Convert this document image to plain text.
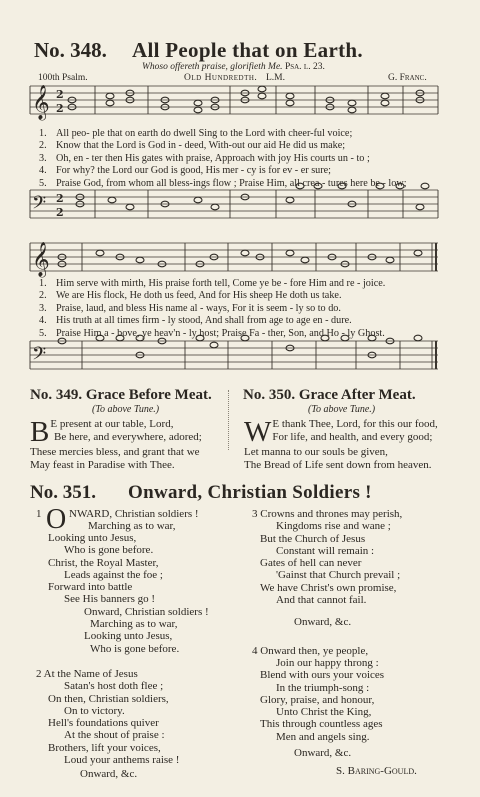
No. 348. All People that on Earth.
Whoso offereth praise, glorifieth Me. Psa. l. 23.
100th Psalm.	Old Hundredth. L.M.	G. Franc.
𝄞
𝄢
𝄞
𝄢
2
2
2
2
1. All peo- ple that on earth do dwell Sing to the Lord with cheer-ful voice;
2. Know that the Lord is God in - deed, With-out our aid He did us make;
3. Oh, en - ter then His gates with praise, Approach with joy His courts un - to ;
4. For why? the Lord our God is good, His mer - cy is for ev - er sure;
5. Praise God, from whom all bless-ings flow ; Praise Him, all crea - tures here be - low;
1. Him serve with mirth, His praise forth tell, Come ye be - fore Him and re - joice.
2. We are His flock, He doth us feed, And for His sheep He doth us take.
3. Praise, laud, and bless His name al - ways, For it is seem - ly so to do.
4. His truth at all times firm - ly stood, And shall from age to age en - dure.
5. Praise Him a - bove, ye heav'n - ly host; Praise Fa - ther, Son, and Ho - ly Ghost.
No. 349. Grace Before Meat.
(To above Tune.)
No. 350. Grace After Meat.
(To above Tune.)
B E present at our table, Lord,
Be here, and everywhere, adored;
These mercies bless, and grant that we
May feast in Paradise with Thee.
W E thank Thee, Lord, for this our food,
For life, and health, and every good;
Let manna to our souls be given,
The Bread of Life sent down from heaven.
No. 351. Onward, Christian Soldiers !
1 O NWARD, Christian soldiers !
Marching as to war,
Looking unto Jesus,
Who is gone before.
Christ, the Royal Master,
Leads against the foe ;
Forward into battle
See His banners go !
Onward, Christian soldiers !
Marching as to war,
Looking unto Jesus,
Who is gone before.
2 At the Name of Jesus
Satan's host doth flee ;
On then, Christian soldiers,
On to victory.
Hell's foundations quiver
At the shout of praise :
Brothers, lift your voices,
Loud your anthems raise !
Onward, &c.
3 Crowns and thrones may perish,
Kingdoms rise and wane ;
But the Church of Jesus
Constant will remain :
Gates of hell can never
'Gainst that Church prevail ;
We have Christ's own promise,
And that cannot fail.
Onward, &c.
4 Onward then, ye people,
Join our happy throng :
Blend with ours your voices
In the triumph-song :
Glory, praise, and honour,
Unto Christ the King,
This through countless ages
Men and angels sing.
Onward, &c.
S. Baring-Gould.
